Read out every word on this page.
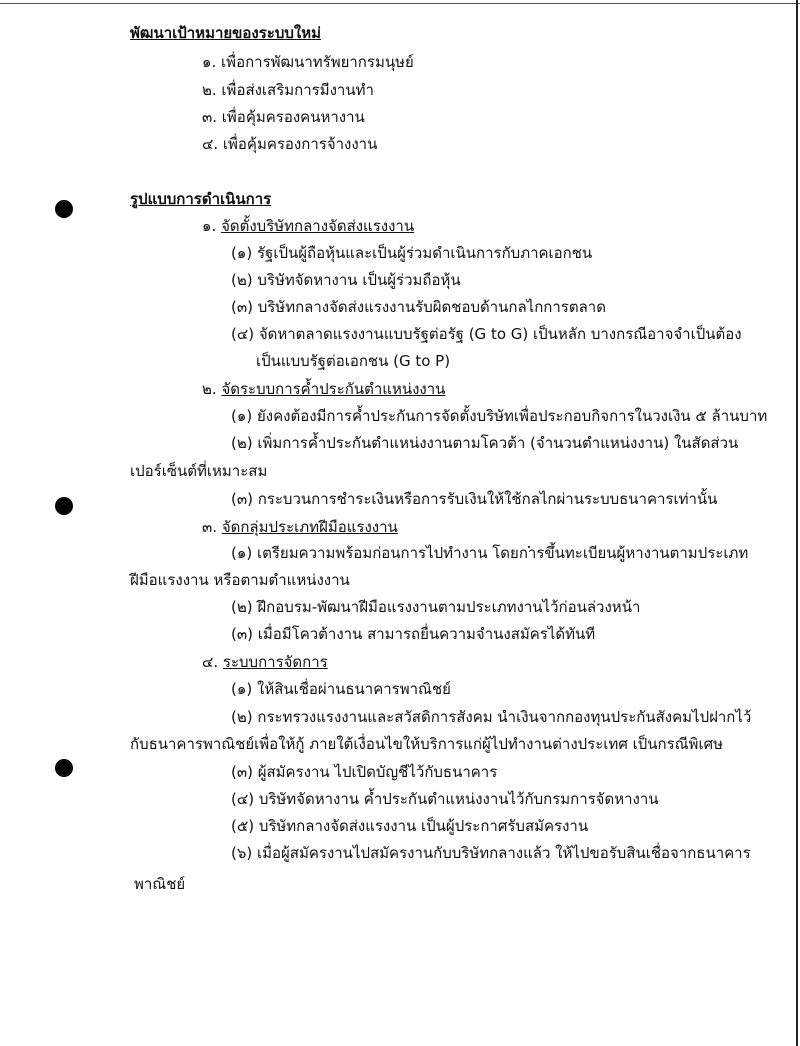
พัฒนาเป้าหมายของระบบใหม่
๑. เพื่อการพัฒนาทรัพยากรมนุษย์
๒. เพื่อส่งเสริมการมีงานทำ
๓. เพื่อคุ้มครองคนหางาน
๔. เพื่อคุ้มครองการจ้างงาน
รูปแบบการดำเนินการ
๑. จัดตั้งบริษัทกลางจัดส่งแรงงาน
(๑) รัฐเป็นผู้ถือหุ้นและเป็นผู้ร่วมดำเนินการกับภาคเอกชน
(๒) บริษัทจัดหางาน เป็นผู้ร่วมถือหุ้น
(๓) บริษัทกลางจัดส่งแรงงานรับผิดชอบด้านกลไกการตลาด
(๔) จัดหาตลาดแรงงานแบบรัฐต่อรัฐ (G to G) เป็นหลัก บางกรณีอาจจำเป็นต้อง
เป็นแบบรัฐต่อเอกชน (G to P)
๒. จัดระบบการค้ำประกันตำแหน่งงาน
(๑) ยังคงต้องมีการค้ำประกันการจัดตั้งบริษัทเพื่อประกอบกิจการในวงเงิน ๕ ล้านบาท
(๒) เพิ่มการค้ำประกันตำแหน่งงานตามโควต้า (จำนวนตำแหน่งงาน) ในสัดส่วน
เปอร์เซ็นต์ที่เหมาะสม
(๓) กระบวนการชำระเงินหรือการรับเงินให้ใช้กลไกผ่านระบบธนาคารเท่านั้น
๓. จัดกลุ่มประเภทฝีมือแรงงาน
(๑) เตรียมความพร้อมก่อนการไปทำงาน โดยการขึ้นทะเบียนผู้หางานตามประเภท
ฝีมือแรงงาน หรือตามตำแหน่งงาน
(๒) ฝึกอบรม-พัฒนาฝีมือแรงงานตามประเภทงานไว้ก่อนล่วงหน้า
(๓) เมื่อมีโควต้างาน สามารถยื่นความจำนงสมัครได้ทันที
๔. ระบบการจัดการ
(๑) ให้สินเชื่อผ่านธนาคารพาณิชย์
(๒) กระทรวงแรงงานและสวัสดิการสังคม นำเงินจากกองทุนประกันสังคมไปฝากไว้
กับธนาคารพาณิชย์เพื่อให้กู้ ภายใต้เงื่อนไขให้บริการแก่ผู้ไปทำงานต่างประเทศ เป็นกรณีพิเศษ
(๓) ผู้สมัครงาน ไปเปิดบัญชีไว้กับธนาคาร
(๔) บริษัทจัดหางาน ค้ำประกันตำแหน่งงานไว้กับกรมการจัดหางาน
(๕) บริษัทกลางจัดส่งแรงงาน เป็นผู้ประกาศรับสมัครงาน
(๖) เมื่อผู้สมัครงานไปสมัครงานกับบริษัทกลางแล้ว ให้ไปขอรับสินเชื่อจากธนาคาร
พาณิชย์
